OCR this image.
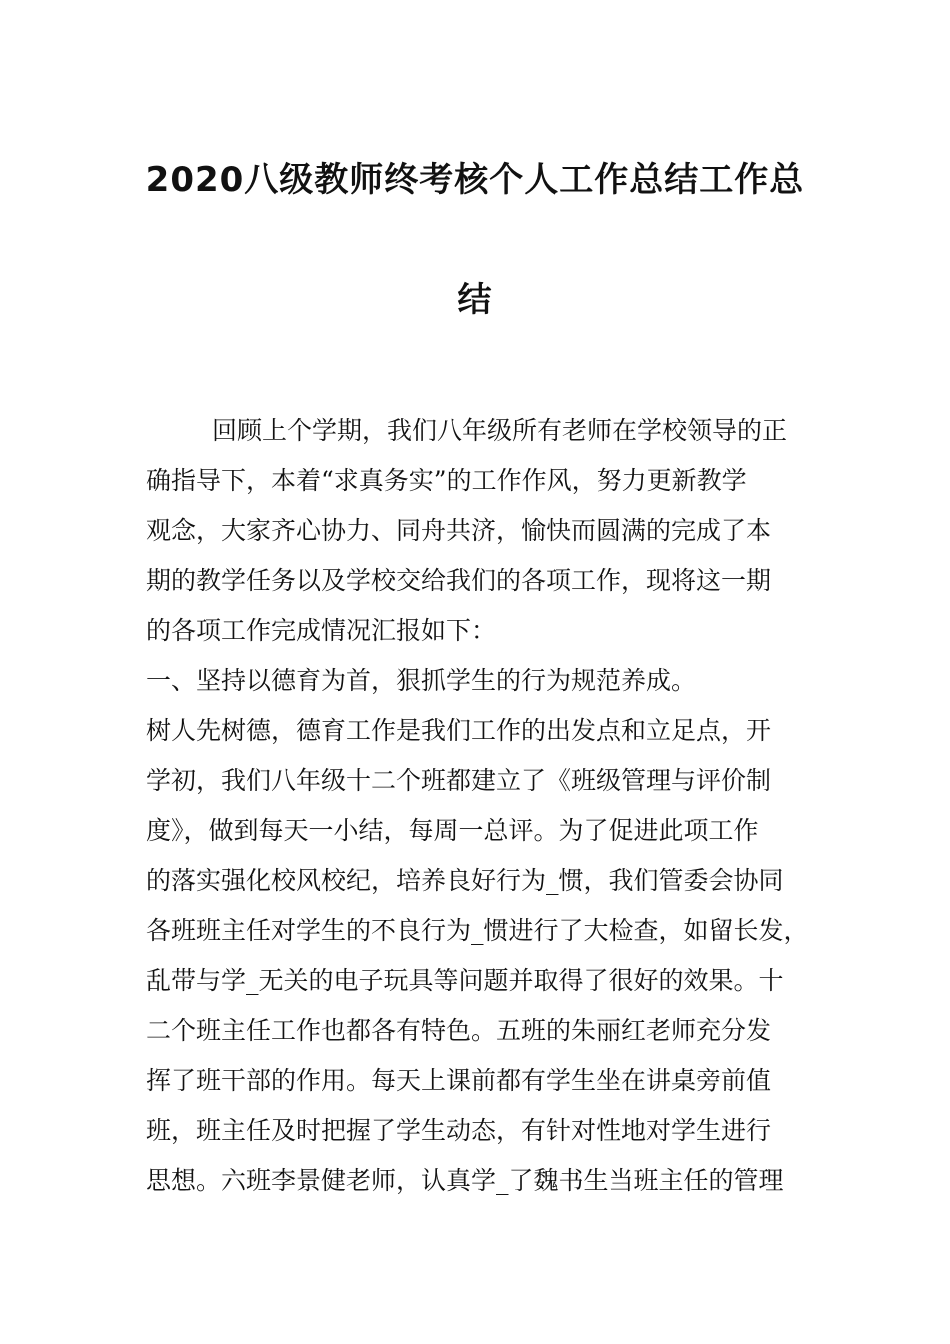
2020八级教师终考核个人工作总结工作总
结
回顾上个学期，我们八年级所有老师在学校领导的正
确指导下，本着“求真务实”的工作作风，努力更新教学
观念，大家齐心协力、同舟共济，愉快而圆满的完成了本
期的教学任务以及学校交给我们的各项工作，现将这一期
的各项工作完成情况汇报如下：
一、坚持以德育为首，狠抓学生的行为规范养成。
树人先树德，德育工作是我们工作的出发点和立足点，开
学初，我们八年级十二个班都建立了《班级管理与评价制
度》，做到每天一小结，每周一总评。为了促进此项工作
的落实强化校风校纪，培养良好行为_惯，我们管委会协同
各班班主任对学生的不良行为_惯进行了大检查，如留长发，
乱带与学_无关的电子玩具等问题并取得了很好的效果。十
二个班主任工作也都各有特色。五班的朱丽红老师充分发
挥了班干部的作用。每天上课前都有学生坐在讲桌旁前值
班，班主任及时把握了学生动态，有针对性地对学生进行
思想。六班李景健老师，认真学_了魏书生当班主任的管理
